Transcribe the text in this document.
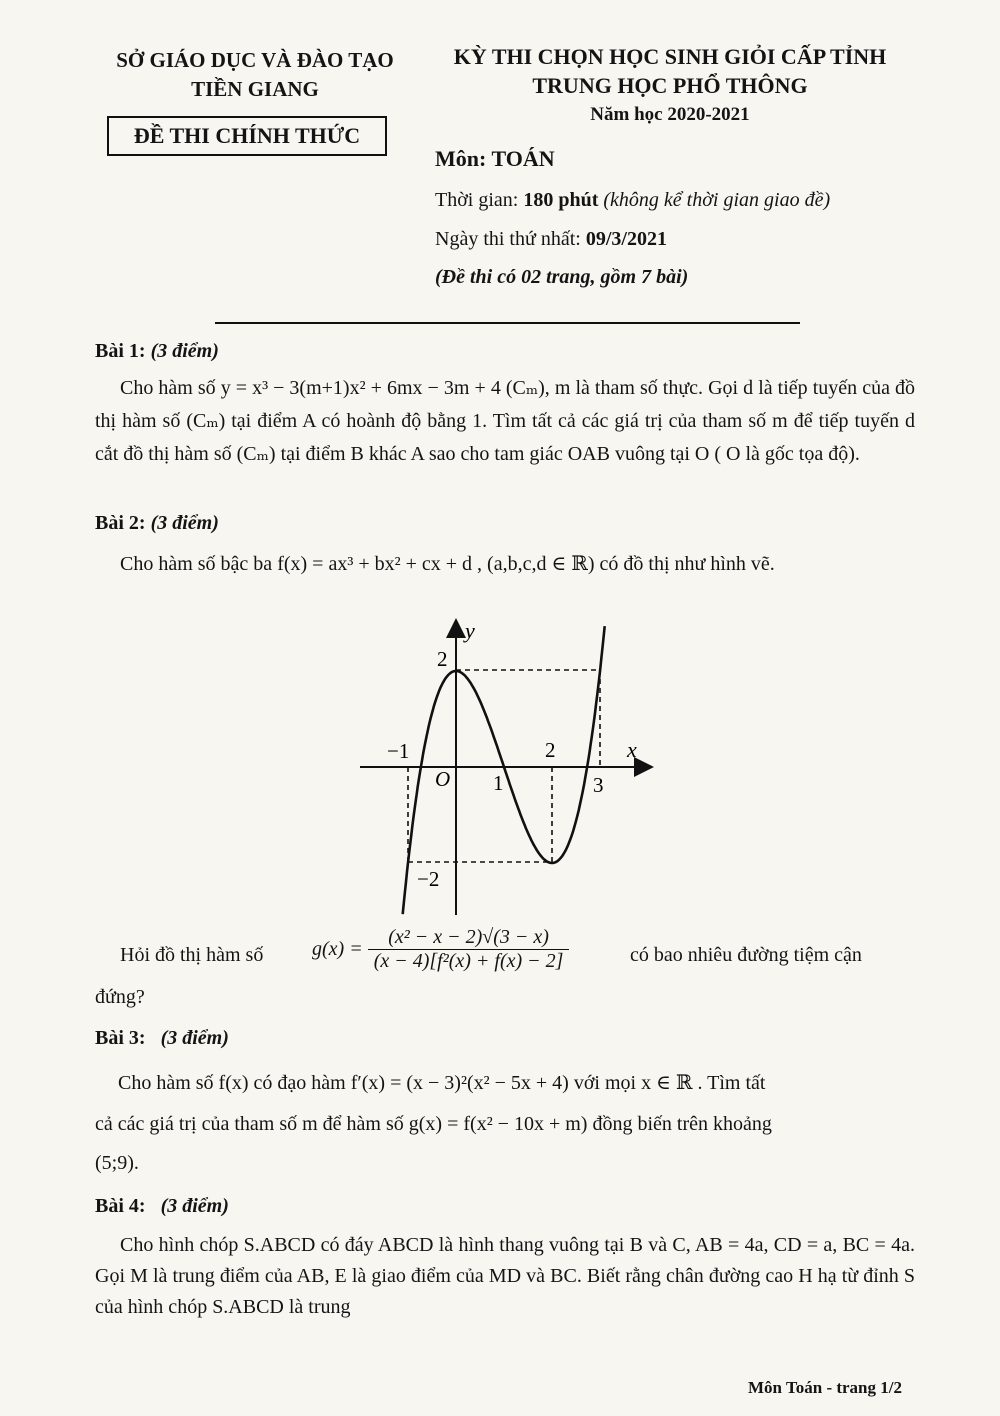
SỞ GIÁO DỤC VÀ ĐÀO TẠO
TIỀN GIANG
ĐỀ THI CHÍNH THỨC
KỲ THI CHỌN HỌC SINH GIỎI CẤP TỈNH
TRUNG HỌC PHỔ THÔNG
Năm học 2020-2021
Môn: TOÁN
Thời gian: 180 phút (không kể thời gian giao đề)
Ngày thi thứ nhất: 09/3/2021
(Đề thi có 02 trang, gồm 7 bài)
Bài 1: (3 điểm)
Cho hàm số y = x³ − 3(m+1)x² + 6mx − 3m + 4 (Cₘ), m là tham số thực. Gọi d là tiếp tuyến của đồ thị hàm số (Cₘ) tại điểm A có hoành độ bằng 1. Tìm tất cả các giá trị của tham số m để tiếp tuyến d cắt đồ thị hàm số (Cₘ) tại điểm B khác A sao cho tam giác OAB vuông tại O ( O là gốc tọa độ).
Bài 2: (3 điểm)
Cho hàm số bậc ba f(x) = ax³ + bx² + cx + d , (a,b,c,d ∈ ℝ) có đồ thị như hình vẽ.
y
x
2
−2
−1
O 1
2
3
Hỏi đồ thị hàm số $g(x) = \frac{\text{(x² − x − 2)√(3 − x)}}{\text{(x − 4)[f²(x) + f(x) − 2]}}$	có bao nhiêu đường tiệm cận
đứng?
Bài 3: (3 điểm)
Cho hàm số f(x) có đạo hàm f′(x) = (x − 3)²(x² − 5x + 4) với mọi x ∈ ℝ . Tìm tất
cả các giá trị của tham số m để hàm số g(x) = f(x² − 10x + m) đồng biến trên khoảng
(5;9).
Bài 4: (3 điểm)
Cho hình chóp S.ABCD có đáy ABCD là hình thang vuông tại B và C, AB = 4a, CD = a, BC = 4a. Gọi M là trung điểm của AB, E là giao điểm của MD và BC. Biết rằng chân đường cao H hạ từ đỉnh S của hình chóp S.ABCD là trung
Môn Toán - trang 1/2
